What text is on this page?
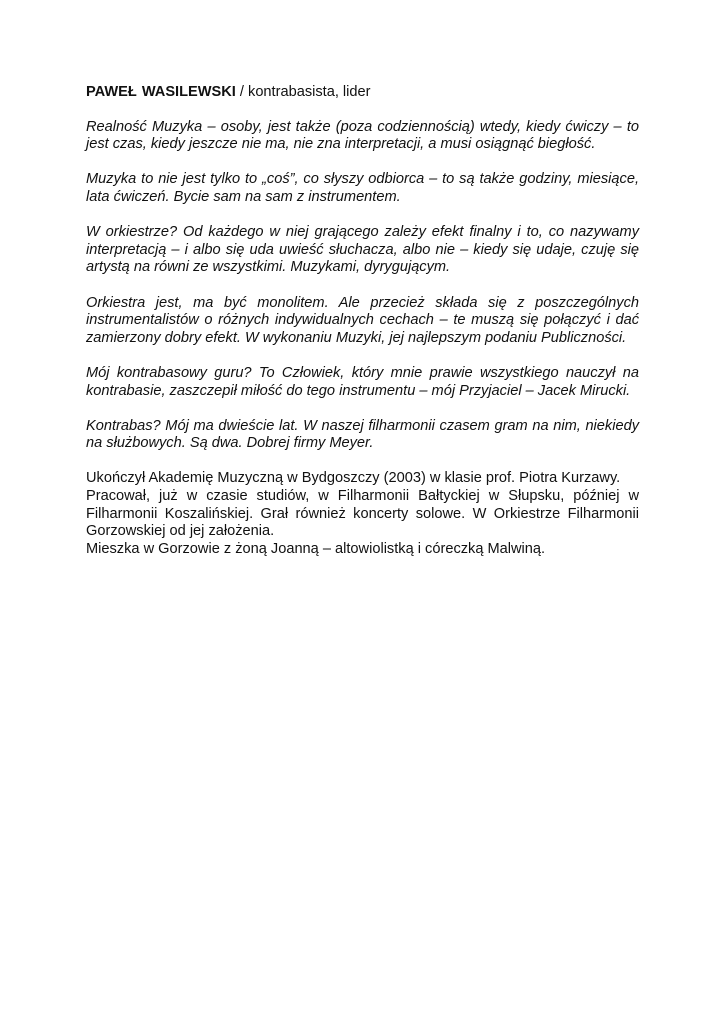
PAWEŁ WASILEWSKI / kontrabasista, lider

Realność Muzyka – osoby, jest także (poza codziennością) wtedy, kiedy ćwiczy – to jest czas, kiedy jeszcze nie ma, nie zna interpretacji, a musi osiągnąć biegłość.

Muzyka to nie jest tylko to „coś”, co słyszy odbiorca – to są także godziny, miesiące, lata ćwiczeń. Bycie sam na sam z instrumentem.

W orkiestrze? Od każdego w niej grającego zależy efekt finalny i to, co nazywamy interpretacją – i albo się uda uwieść słuchacza, albo nie – kiedy się udaje, czuję się artystą na równi ze wszystkimi. Muzykami, dyrygującym.

Orkiestra jest, ma być monolitem. Ale przecież składa się z poszczególnych instrumentalistów o różnych indywidualnych cechach – te muszą się połączyć i dać zamierzony dobry efekt. W wykonaniu Muzyki, jej najlepszym podaniu Publiczności.

Mój kontrabasowy guru? To Człowiek, który mnie prawie wszystkiego nauczył na kontrabasie, zaszczepił miłość do tego instrumentu – mój Przyjaciel – Jacek Mirucki.

Kontrabas? Mój ma dwieście lat. W naszej filharmonii czasem gram na nim, niekiedy na służbowych. Są dwa. Dobrej firmy Meyer.

Ukończył Akademię Muzyczną w Bydgoszczy (2003) w klasie prof. Piotra Kurzawy.
Pracował, już w czasie studiów, w Filharmonii Bałtyckiej w Słupsku, później w Filharmonii Koszalińskiej. Grał również koncerty solowe. W Orkiestrze Filharmonii Gorzowskiej od jej założenia.
Mieszka w Gorzowie z żoną Joanną – altowiolistką i córeczką Malwiną.
